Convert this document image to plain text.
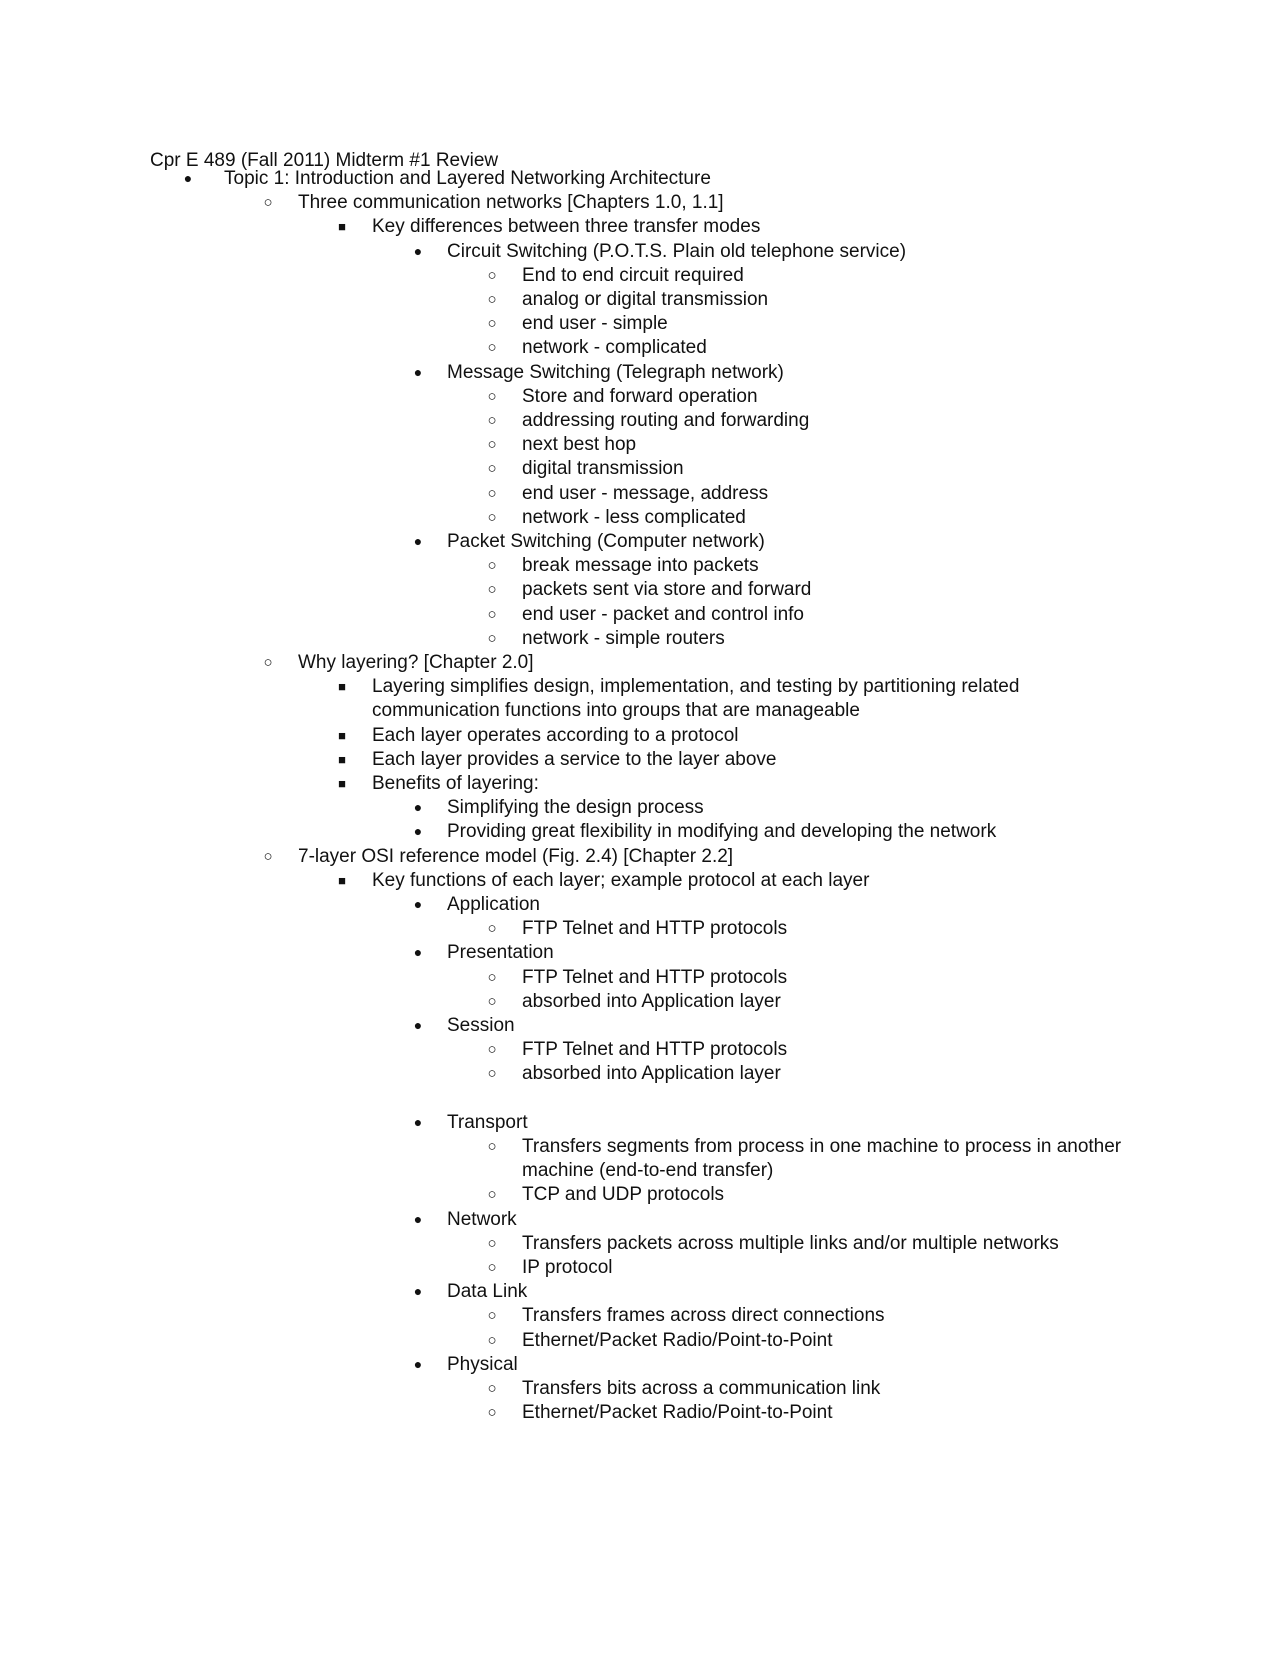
Cpr E 489 (Fall 2011) Midterm #1 Review
●	Topic 1: Introduction and Layered Networking Architecture
○ Three communication networks [Chapters 1.0, 1.1]
■	Key differences between three transfer modes
●	Circuit Switching (P.O.T.S. Plain old telephone service)
○ End to end circuit required
○ analog or digital transmission
○ end user - simple
○ network - complicated
●	Message Switching (Telegraph network)
○ Store and forward operation
○ addressing routing and forwarding
○ next best hop
○ digital transmission
○ end user - message, address
○ network - less complicated
●	Packet Switching (Computer network)
○ break message into packets
○ packets sent via store and forward
○ end user - packet and control info
○ network - simple routers
○ Why layering? [Chapter 2.0]
■	Layering simplifies design, implementation, and testing by partitioning related
communication functions into groups that are manageable
■	Each layer operates according to a protocol
■	Each layer provides a service to the layer above
■	Benefits of layering:
●	Simplifying the design process
●	Providing great flexibility in modifying and developing the network
○ 7-layer OSI reference model (Fig. 2.4) [Chapter 2.2]
■	Key functions of each layer; example protocol at each layer
●	Application
○ FTP Telnet and HTTP protocols
●	Presentation
○ FTP Telnet and HTTP protocols
○ absorbed into Application layer
●	Session
○ FTP Telnet and HTTP protocols
○ absorbed into Application layer
●	Transport
○ Transfers segments from process in one machine to process in another
machine (end-to-end transfer)
○ TCP and UDP protocols
●	Network
○ Transfers packets across multiple links and/or multiple networks
○ IP protocol
●	Data Link
○ Transfers frames across direct connections
○ Ethernet/Packet Radio/Point-to-Point
●	Physical
○ Transfers bits across a communication link
○ Ethernet/Packet Radio/Point-to-Point
